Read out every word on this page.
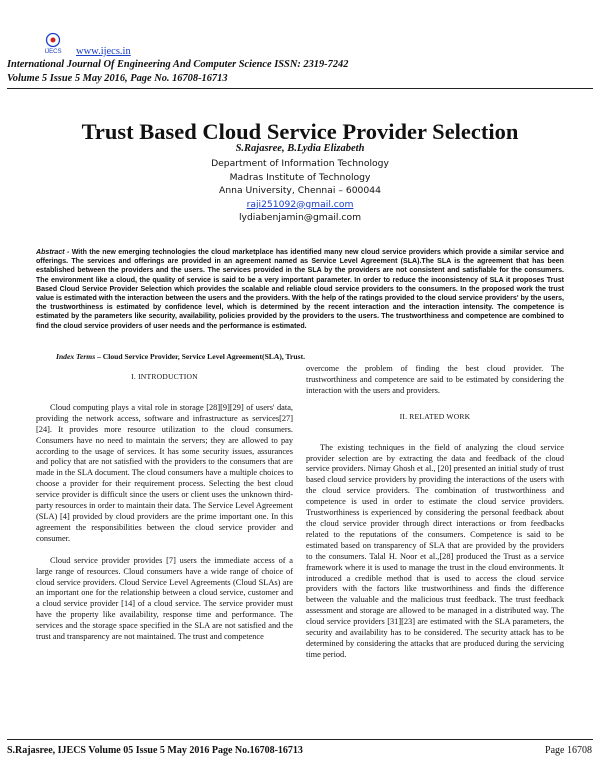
IJECS www.ijecs.in
International Journal Of Engineering And Computer Science ISSN: 2319-7242
Volume 5 Issue 5 May 2016, Page No. 16708-16713
Trust Based Cloud Service Provider Selection
S.Rajasree, B.Lydia Elizabeth
Department of Information Technology
Madras Institute of Technology
Anna University, Chennai – 600044
raji251092@gmail.com
lydiabenjamin@gmail.com
Abstract - With the new emerging technologies the cloud marketplace has identified many new cloud service providers which provide a similar service and offerings. The services and offerings are provided in an agreement named as Service Level Agreement (SLA).The SLA is the agreement that has been established between the providers and the users. The services provided in the SLA by the providers are not consistent and satisfiable for the consumers. The environment like a cloud, the quality of service is said to be a very important parameter. In order to reduce the inconsistency of SLA it proposes Trust Based Cloud Service Provider Selection which provides the scalable and reliable cloud service providers to the consumers. In the proposed work the trust value is estimated with the interaction between the users and the providers. With the help of the ratings provided to the cloud service providers' by the users, the trustworthiness is estimated by confidence level, which is determined by the recent interaction and the interaction intensity. The competence is estimated by the parameters like security, availability, policies provided by the providers to the users. The trustworthiness and competence are combined to find the cloud service providers of user needs and the performance is estimated.
Index Terms – Cloud Service Provider, Service Level Agreement(SLA), Trust.
I. INTRODUCTION

Cloud computing plays a vital role in storage [28][9][29] of users' data, providing the network access, software and infrastructure as services[27][24]. It provides more resource utilization to the cloud consumers. Consumers have no need to maintain the servers; they are allowed to pay according to the usage of services. It has some security issues, assurances and policy that are not satisfied with the providers to the consumers that are made in the SLA document. The cloud consumers have a multiple choices to choose a provider for their requirement process. Selecting the best cloud service provider is difficult since the users or client uses the unknown third-party resources in order to maintain their data. The Service Level Agreement (SLA) [4] provided by cloud providers are the prime important one. In this agreement the responsibilities between the cloud service provider and consumer.

Cloud service provider provides [7] users the immediate access of a large range of resources. Cloud consumers have a wide range of choice of cloud service providers. Cloud Service Level Agreements (Cloud SLAs) are an important one for the relationship between a cloud service, customer and a cloud service provider [14] of a cloud service. The service provider must have the property like availability, response time and performance. The services and the storage space specified in the SLA are not satisfied and the trust and transparency are not maintained. The trust and competence

overcome the problem of finding the best cloud provider. The trustworthiness and competence are said to be estimated by considering the interaction with the users and providers.

II. RELATED WORK

The existing techniques in the field of analyzing the cloud service provider selection are by extracting the data and feedback of the cloud service providers. Nirnay Ghosh et al., [20] presented an initial study of trust based cloud service providers by providing the interactions of the users with the cloud service providers. The combination of trustworthiness and competence is used in order to estimate the cloud service providers. Trustworthiness is experienced by considering the personal feedback about the cloud service provider through direct interactions or from feedbacks related to the reputations of the consumers. Competence is said to be estimated based on transparency of SLA that are provided by the providers to the consumers. Talal H. Noor et al.,[28] produced the Trust as a service framework where it is used to manage the trust in the cloud environments. It introduced a credible method that is used to access the cloud service providers with the factors like trustworthiness and finds the difference between the valuable and the malicious trust feedback. The trust feedback assessment and storage are allowed to be managed in a distributed way. The cloud service providers [31][23] are estimated with the SLA parameters, the security and availability has to be considered. The security attack has to be determined by considering the attacks that are produced during the servicing time period.

S.Rajasree, IJECS Volume 05 Issue 5 May 2016 Page No.16708-16713	Page 16708
